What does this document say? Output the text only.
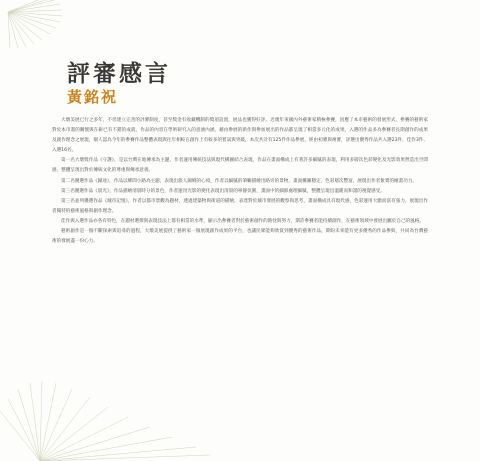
評審感言
黃銘祝

大墩美展已行之多年，不但建立完善的評審制度，甚至獎金有收藏機制的獎項設置，展品也獲得好評。近幾年來國內外藝術家積極參賽，因應了本市藝術的發展形式，參賽的藝術家對於本市畫的關懷與在嶄已有不錯的成就，作品的內容在學術研究入的意涵內涵，藉由參展的新作與參加展出的作品都呈現了相當多元化的成果，入選的作品多為參賽者長期創作的成果及創作理念之展現，個人認為今年的參賽作品整體表現與往年相較在創作上有較多的嘗試與突破，本次共計有125件作品參展，經由初審與複審，評選出優秀作品共入選23件，佳作3件、入選16名。

第一名大墩獎作品《守護》，是以台灣在地傳承為主題，作者運用傳統技法與現代構圖結合表現，作品在畫面構成上有著許多細膩的表現，利用多層次色彩變化及光影效果營造出空間感，整體呈現出對於傳統文化的尊重與傳承意義。

第二名優選作品《歸途》，作品以鄉間小路為主題，表現出旅人歸鄉的心境，作者以細膩的筆觸描繪出路旁的景物，畫面構圖穩定，色彩層次豐富，展現出作者紮實的繪畫功力。

第三名優選作品《晨光》，作品描繪清晨時分的景色，作者運用光影的變化表現出清晨的寧靜氛圍，畫面中的細節處理細膩，整體呈現出溫暖而和諧的視覺感受。

第三名並列優選作品《城市記憶》，作者以都市景觀為題材，透過建築物與街道的描繪，表達對於城市發展的觀察與思考，畫面構成具有現代感，色彩運用大膽而富有張力，展現出作者獨特的藝術風格與創作理念。

佳作與入選作品亦各有特色，在題材選擇與表現技法上都有相當的水準，顯示出參賽者對於藝術創作的熱忱與努力，期許參賽者能持續創作，在藝術領域中發展出屬於自己的風格。

藝術創作是一個不斷探索與追尋的過程，大墩美展提供了藝術家一個展現創作成果的平台，也讓民眾能夠欣賞到優秀的藝術作品，期盼未來能有更多優秀的作品參與，共同為台灣藝術的發展盡一份心力。
